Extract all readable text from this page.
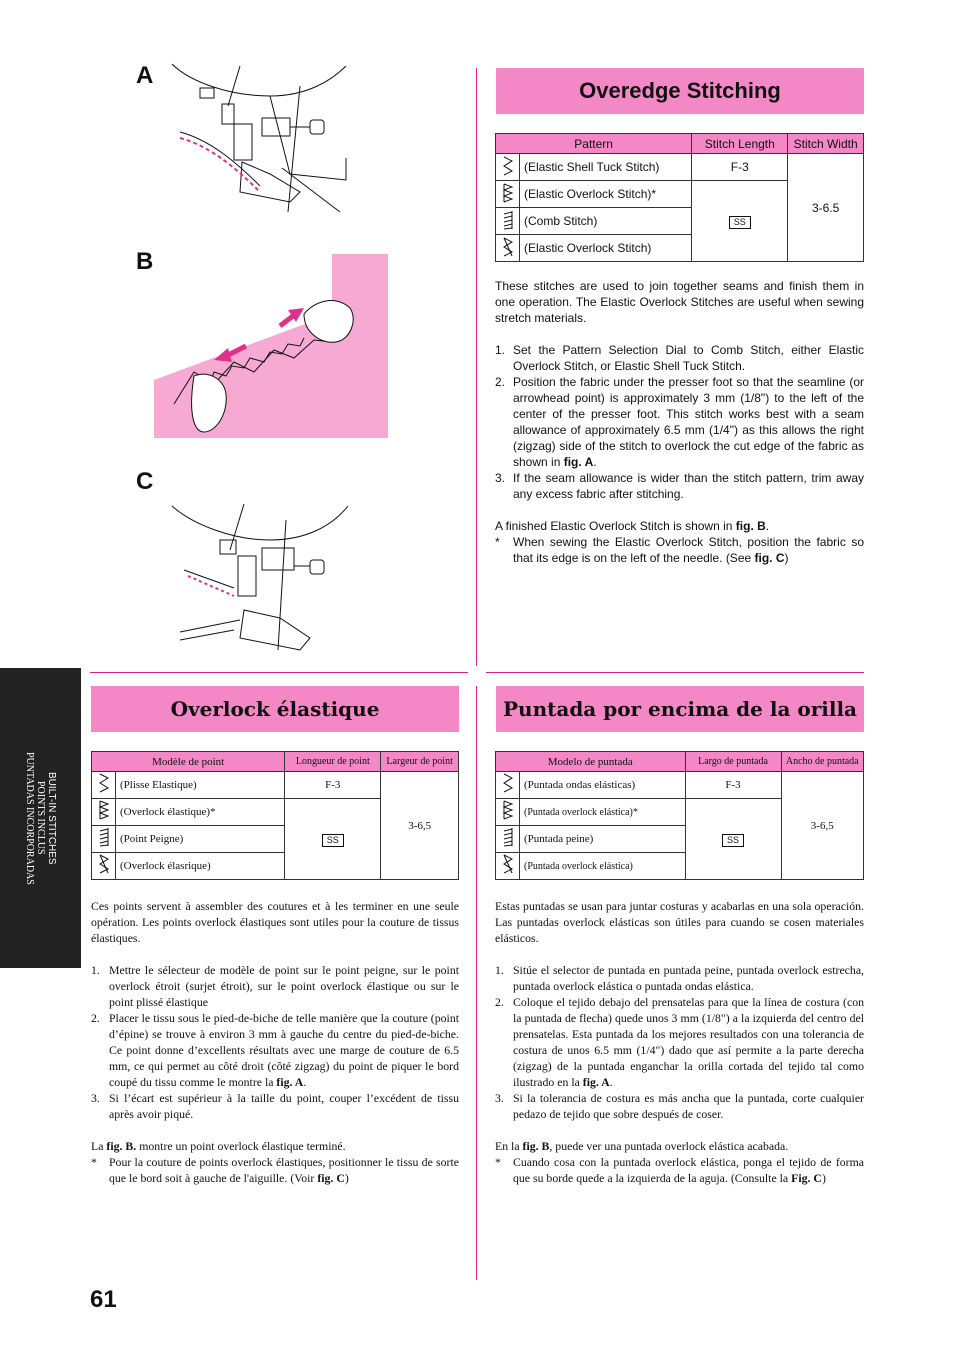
A
B
C
Overedge Stitching
Pattern		Stitch Length	Stitch Width
	(Elastic Shell Tuck Stitch)	F-3	3-6.5
	(Elastic Overlock Stitch)*	SS	
	(Comb Stitch)		
	(Elastic Overlock Stitch)		

These stitches are used to join together seams and finish them in one operation. The Elastic Overlock Stitches are useful when sewing stretch materials.

1. Set the Pattern Selection Dial to Comb Stitch, either Elastic Overlock Stitch, or Elastic Shell Tuck Stitch.
2. Position the fabric under the presser foot so that the seamline (or arrowhead point) is approximately 3 mm (1/8") to the left of the center of the presser foot. This stitch works best with a seam allowance of approximately 6.5 mm (1/4") as this allows the right (zigzag) side of the stitch to overlock the cut edge of the fabric as shown in fig. A.
3. If the seam allowance is wider than the stitch pattern, trim away any excess fabric after stitching.
A finished Elastic Overlock Stitch is shown in fig. B.
*	When sewing the Elastic Overlock Stitch, position the fabric so that its edge is on the left of the needle. (See fig. C)
Overlock élastique
Modèle de point		Longueur de point	Largeur de point
	(Plisse Elastique)	F-3	3-6,5
	(Overlock élastique)*	SS	
	(Point Peigne)		
	(Overlock élasrique)		

Ces points servent à assembler des coutures et à les terminer en une seule opération. Les points overlock élastiques sont utiles pour la couture de tissus élastiques.

1. Mettre le sélecteur de modèle de point sur le point peigne, sur le point overlock étroit (surjet étroit), sur le point overlock élastique ou sur le point plissé élastique
2. Placer le tissu sous le pied-de-biche de telle manière que la couture (point d’épine) se trouve à environ 3 mm à gauche du centre du pied-de-biche. Ce point donne d’excellents résultats avec une marge de couture de 6.5 mm, ce qui permet au côté droit (côté zigzag) du point de piquer le bord coupé du tissu comme le montre la fig. A.
3. Si l’écart est supérieur à la taille du point, couper l’excédent de tissu après avoir piqué.
La fig. B. montre un point overlock élastique terminé.
*	Pour la couture de points overlock élastiques, positionner le tissu de sorte que le bord soit à gauche de l'aiguille. (Voir fig. C)
Puntada por encima de la orilla
Modelo de puntada		Largo de puntada	Ancho de puntada
	(Puntada ondas elásticas)	F-3	3-6,5
	(Puntada overlock elástica)*	SS	
	(Puntada peine)		
	(Puntada overlock elástica)		

Estas puntadas se usan para juntar costuras y acabarlas en una sola operación. Las puntadas overlock elásticas son útiles para cuando se cosen materiales elásticos.

1. Sitúe el selector de puntada en puntada peine, puntada overlock estrecha, puntada overlock elástica o puntada ondas elástica.
2. Coloque el tejido debajo del prensatelas para que la línea de costura (con la puntada de flecha) quede unos 3 mm (1/8") a la izquierda del centro del prensatelas. Esta puntada da los mejores resultados con una tolerancia de costura de unos 6.5 mm (1/4") dado que así permite a la parte derecha (zigzag) de la puntada enganchar la orilla cortada del tejido tal como ilustrado en la fig. A.
3. Si la tolerancia de costura es más ancha que la puntada, corte cualquier pedazo de tejido que sobre después de coser.
En la fig. B, puede ver una puntada overlock elástica acabada.
*	Cuando cosa con la puntada overlock elástica, ponga el tejido de forma que su borde quede a la izquierda de la aguja. (Consulte la Fig. C)
BUILT-IN STITCHES
POINTS INCLUS
PUNTADAS INCORPORADAS
61
